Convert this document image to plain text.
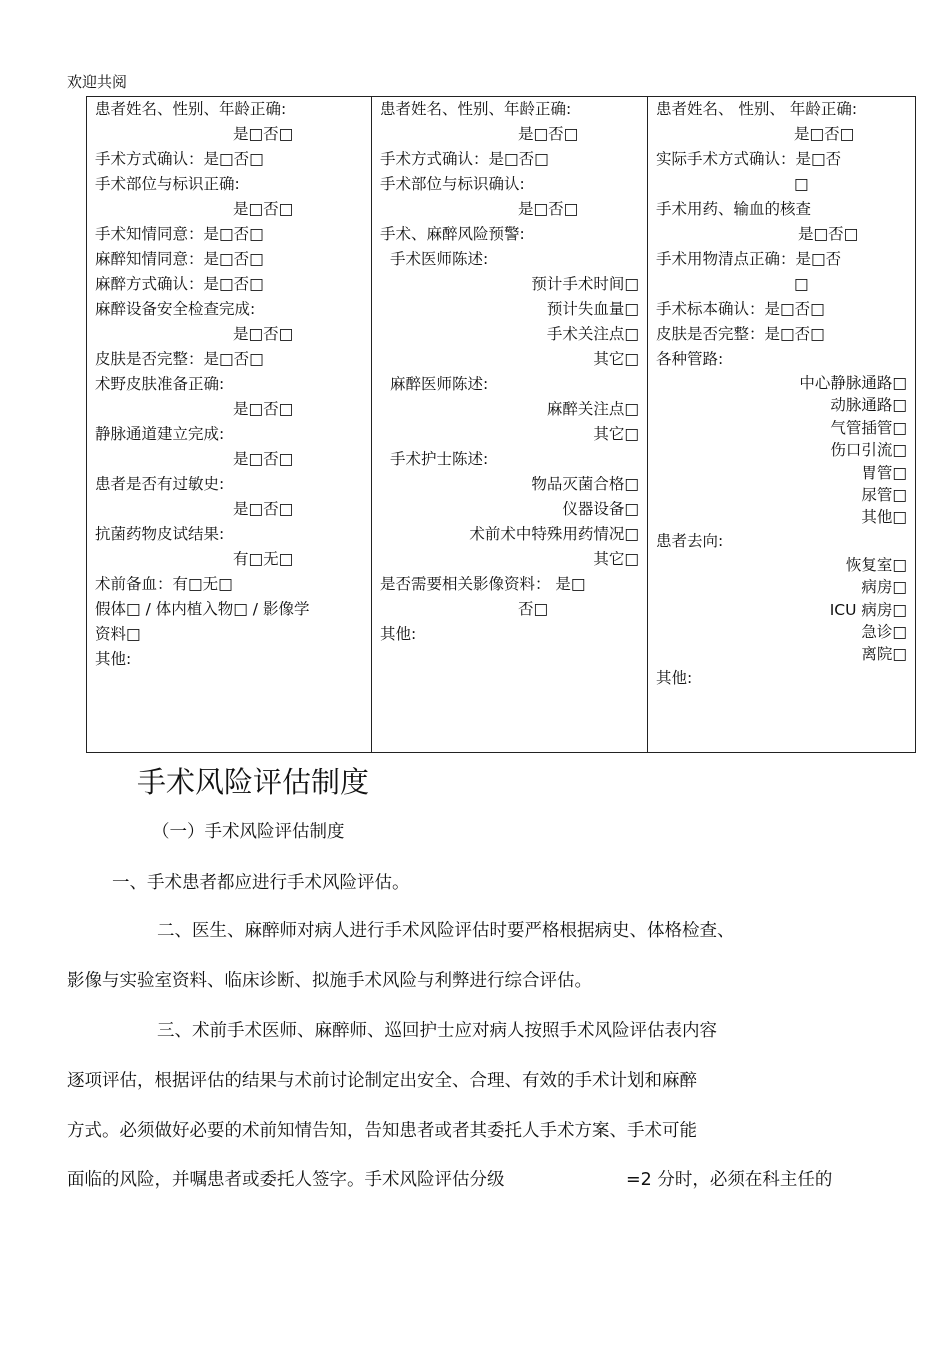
欢迎共阅
患者姓名、性别、年龄正确:
是□否□
手术方式确认：是□否□
手术部位与标识正确:
是□否□
手术知情同意：是□否□
麻醉知情同意：是□否□
麻醉方式确认：是□否□
麻醉设备安全检查完成:
是□否□
皮肤是否完整：是□否□
术野皮肤准备正确:
是□否□
静脉通道建立完成:
是□否□
患者是否有过敏史:
是□否□
抗菌药物皮试结果:
有□无□
术前备血：有□无□
假体□ / 体内植入物□ / 影像学
资料□
其他:

患者姓名、性别、年龄正确:
是□否□
手术方式确认：是□否□
手术部位与标识确认:
是□否□
手术、麻醉风险预警:
手术医师陈述:
预计手术时间□
预计失血量□
手术关注点□
其它□
麻醉医师陈述:
麻醉关注点□
其它□
手术护士陈述:
物品灭菌合格□
仪器设备□
术前术中特殊用药情况□
其它□
是否需要相关影像资料： 是□
否□
其他:

患者姓名、 性别、 年龄正确:
是□否□
实际手术方式确认：是□否
□
手术用药、输血的核查
是□否□
手术用物清点正确：是□否
□
手术标本确认：是□否□
皮肤是否完整：是□否□
各种管路:
中心静脉通路□
动脉通路□
气管插管□
伤口引流□
胃管□
尿管□
其他□
患者去向:
恢复室□
病房□
ICU 病房□
急诊□
离院□
其他:
手术风险评估制度
（一）手术风险评估制度
一、手术患者都应进行手术风险评估。
二、医生、麻醉师对病人进行手术风险评估时要严格根据病史、体格检查、
影像与实验室资料、临床诊断、拟施手术风险与利弊进行综合评估。
三、术前手术医师、麻醉师、巡回护士应对病人按照手术风险评估表内容
逐项评估，根据评估的结果与术前讨论制定出安全、合理、有效的手术计划和麻醉
方式。必须做好必要的术前知情告知，告知患者或者其委托人手术方案、手术可能
面临的风险，并嘱患者或委托人签字。手术风险评估分级	=2 分时，必须在科主任的
